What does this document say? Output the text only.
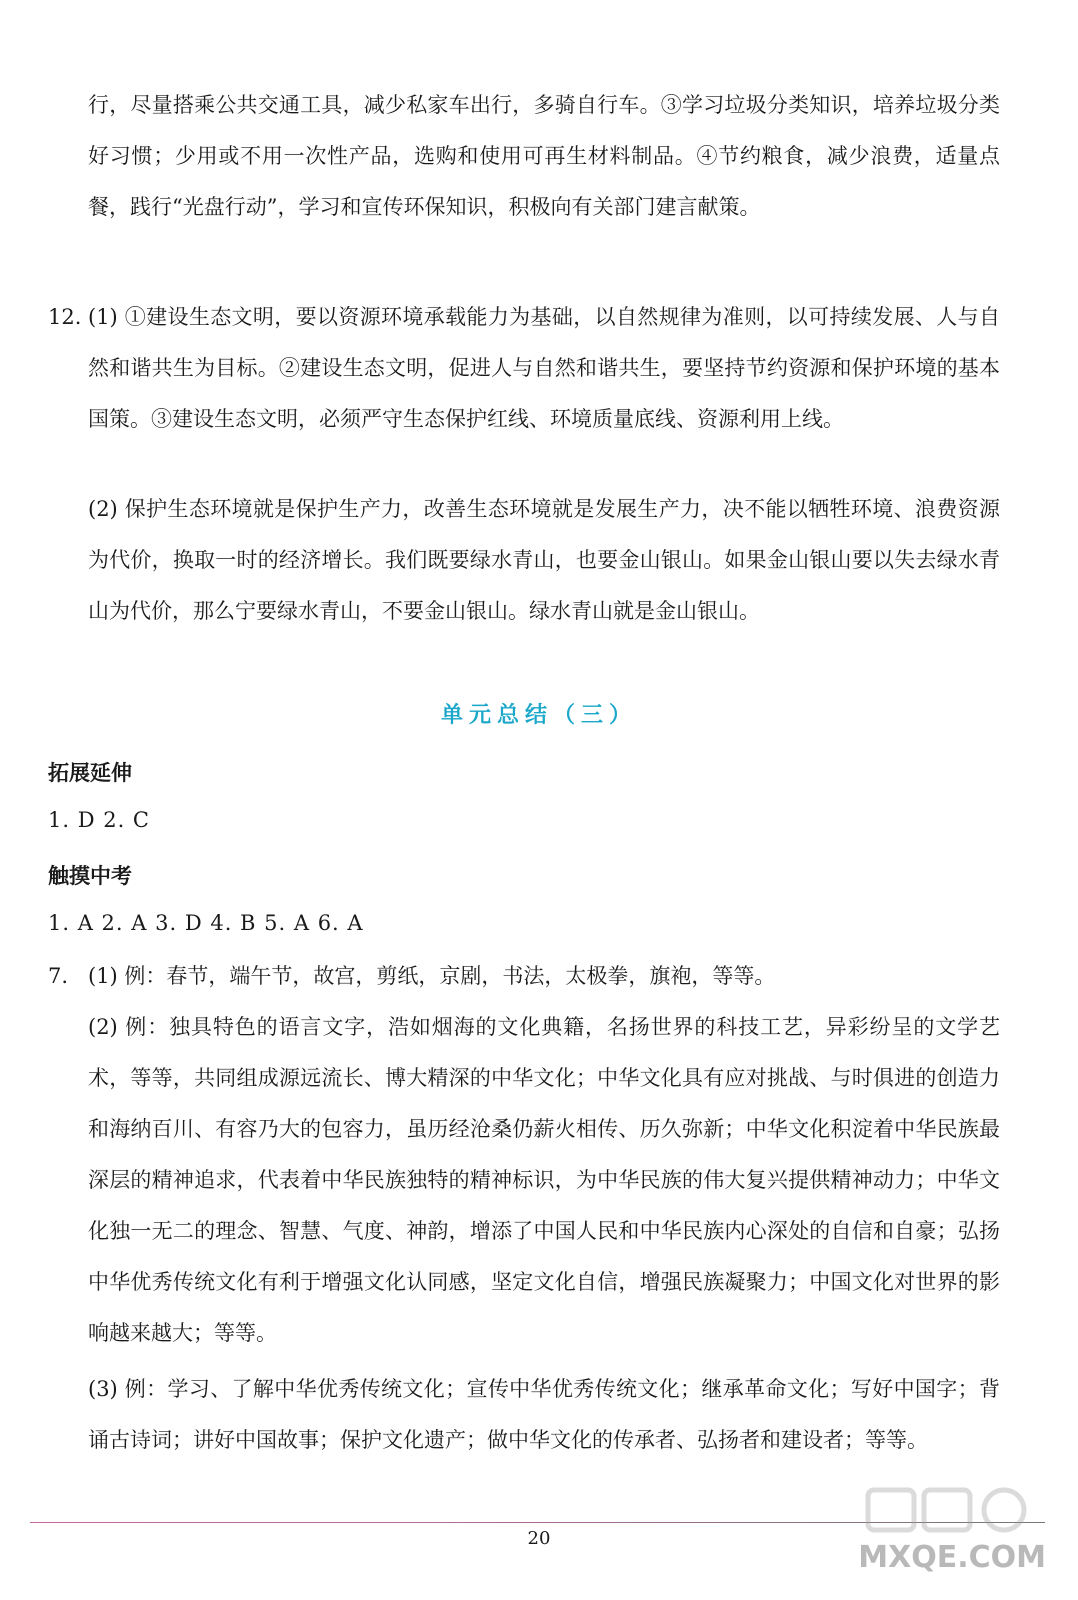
行，尽量搭乘公共交通工具，减少私家车出行，多骑自行车。③学习垃圾分类知识，培养垃圾分类好习惯；少用或不用一次性产品，选购和使用可再生材料制品。④节约粮食，减少浪费，适量点餐，践行“光盘行动”，学习和宣传环保知识，积极向有关部门建言献策。

12. (1) ①建设生态文明，要以资源环境承载能力为基础，以自然规律为准则，以可持续发展、人与自然和谐共生为目标。②建设生态文明，促进人与自然和谐共生，要坚持节约资源和保护环境的基本国策。③建设生态文明，必须严守生态保护红线、环境质量底线、资源利用上线。

(2) 保护生态环境就是保护生产力，改善生态环境就是发展生产力，决不能以牺牲环境、浪费资源为代价，换取一时的经济增长。我们既要绿水青山，也要金山银山。如果金山银山要以失去绿水青山为代价，那么宁要绿水青山，不要金山银山。绿水青山就是金山银山。

单元总结（三）
拓展延伸
1. D 2. C
触摸中考
1. A 2. A 3. D 4. B 5. A 6. A
7. (1) 例：春节，端午节，故宫，剪纸，京剧，书法，太极拳，旗袍，等等。

(2) 例：独具特色的语言文字，浩如烟海的文化典籍，名扬世界的科技工艺，异彩纷呈的文学艺术，等等，共同组成源远流长、博大精深的中华文化；中华文化具有应对挑战、与时俱进的创造力和海纳百川、有容乃大的包容力，虽历经沧桑仍薪火相传、历久弥新；中华文化积淀着中华民族最深层的精神追求，代表着中华民族独特的精神标识，为中华民族的伟大复兴提供精神动力；中华文化独一无二的理念、智慧、气度、神韵，增添了中国人民和中华民族内心深处的自信和自豪；弘扬中华优秀传统文化有利于增强文化认同感，坚定文化自信，增强民族凝聚力；中国文化对世界的影响越来越大；等等。

(3) 例：学习、了解中华优秀传统文化；宣传中华优秀传统文化；继承革命文化；写好中国字；背诵古诗词；讲好中国故事；保护文化遗产；做中华文化的传承者、弘扬者和建设者；等等。

20
MXQE.COM
